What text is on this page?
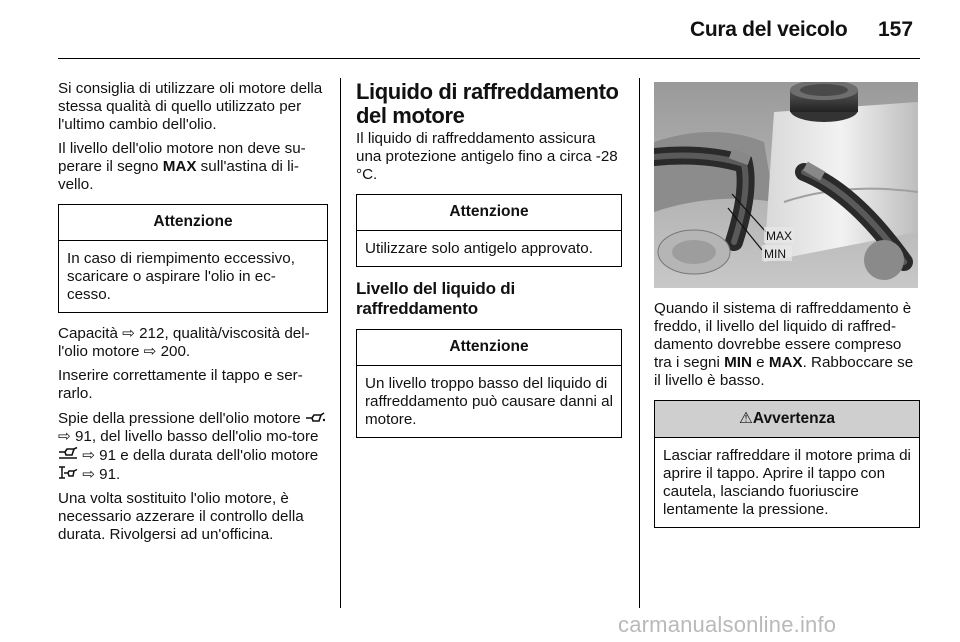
Cura del veicolo 157

Si consiglia di utilizzare oli motore della stessa qualità di quello utilizzato per l'ultimo cambio dell'olio.

Il livello dell'olio motore non deve su-perare il segno MAX sull'astina di li-vello.

Attenzione
In caso di riempimento eccessivo, scaricare o aspirare l'olio in ec-cesso.

Capacità ⇨ 212, qualità/viscosità del-l'olio motore ⇨ 200.

Inserire correttamente il tappo e ser-rarlo.

Spie della pressione dell'olio motore  ⇨ 91, del livello basso dell'olio mo-tore  ⇨ 91 e della durata dell'olio motore  ⇨ 91.

Una volta sostituito l'olio motore, è necessario azzerare il controllo della durata. Rivolgersi ad un'officina.

Liquido di raffreddamento del motore

Il liquido di raffreddamento assicura una protezione antigelo fino a circa -28 °C.

Attenzione
Utilizzare solo antigelo approvato.
Livello del liquido di raffreddamento
Attenzione
Un livello troppo basso del liquido di raffreddamento può causare danni al motore.
MAX
MIN

Quando il sistema di raffreddamento è freddo, il livello del liquido di raffred-damento dovrebbe essere compreso tra i segni MIN e MAX. Rabboccare se il livello è basso.

⚠Avvertenza
Lasciar raffreddare il motore prima di aprire il tappo. Aprire il tappo con cautela, lasciando fuoriuscire lentamente la pressione.
carmanualsonline.info
